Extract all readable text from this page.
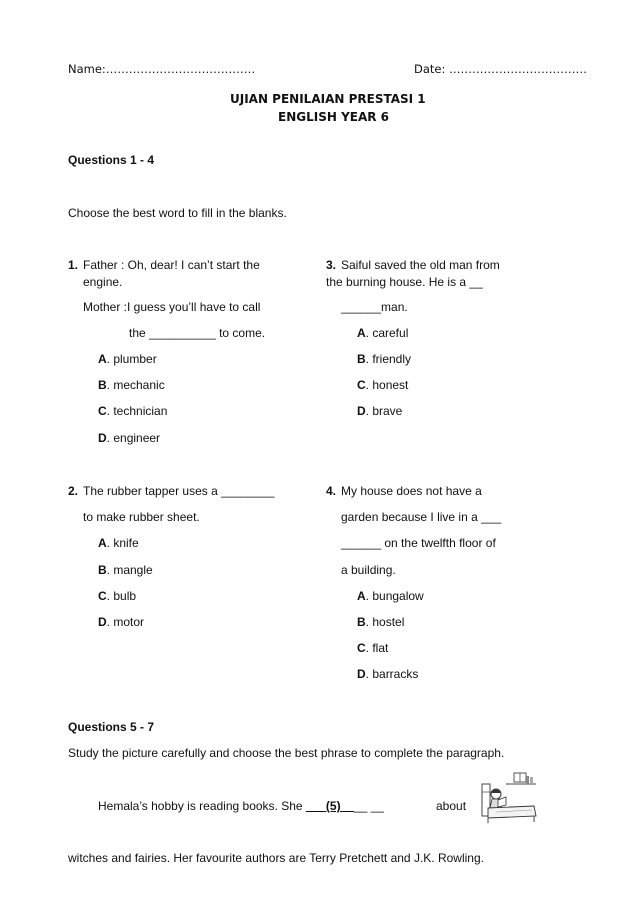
Name:…………………………………	Date: ………………………………
UJIAN PENILAIAN PRESTASI 1
ENGLISH YEAR 6
Questions 1 - 4
Choose the best word to fill in the blanks.
1. Father : Oh, dear! I can’t start the
engine.
Mother :I guess you’ll have to call
the __________ to come.
A. plumber
B. mechanic
C. technician
D. engineer
3. Saiful saved the old man from
the burning house. He is a __
______man.
A. careful
B. friendly
C. honest
D. brave
2. The rubber tapper uses a ________
to make rubber sheet.
A. knife
B. mangle
C. bulb
D. motor
4. My house does not have a
garden because I live in a ___
______ on the twelfth floor of
a building.
A. bungalow
B. hostel
C. flat
D. barracks
Questions 5 - 7
Study the picture carefully and choose the best phrase to complete the paragraph.
Hemala’s hobby is reading books. She ___(5)____ __	about
witches and fairies. Her favourite authors are Terry Pretchett and J.K. Rowling.
